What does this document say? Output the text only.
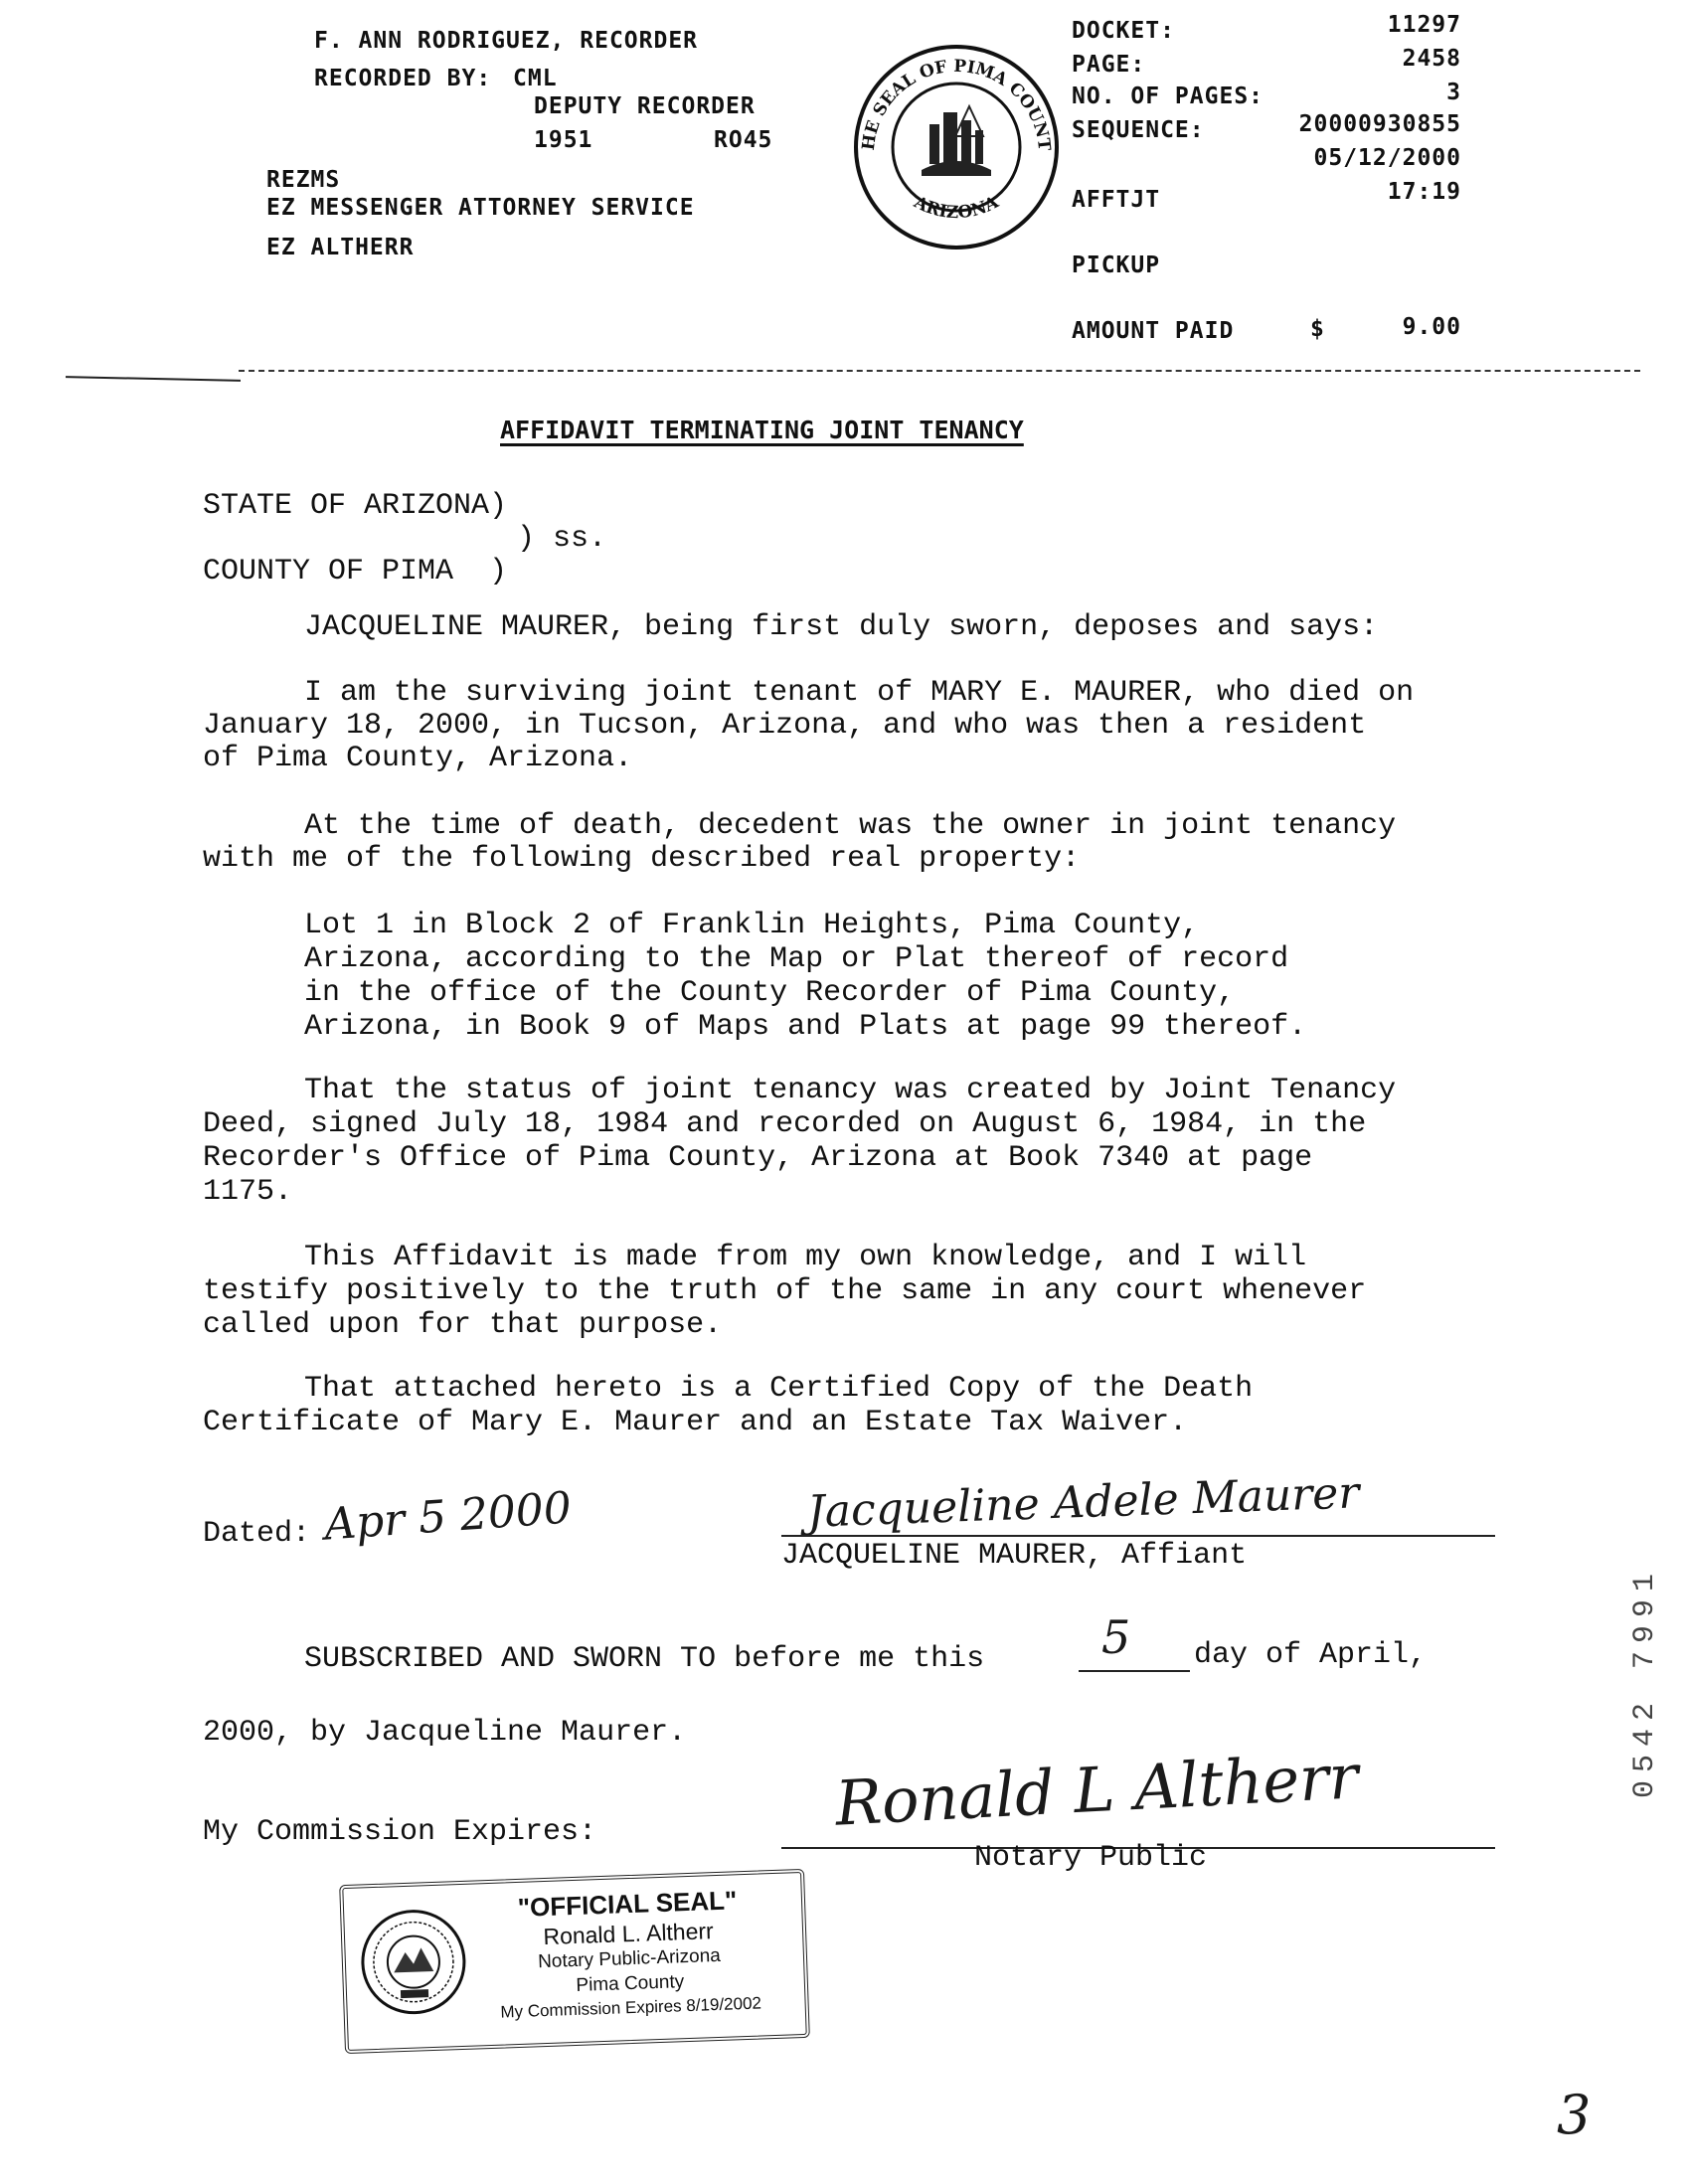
F. ANN RODRIGUEZ, RECORDER
RECORDED BY: CML
DEPUTY RECORDER
1951	RO45
REZMS
EZ MESSENGER ATTORNEY SERVICE
EZ ALTHERR

HE SEAL OF PIMA COUNT
ARIZONA

DOCKET:	11297
PAGE:	2458
NO. OF PAGES:	3
SEQUENCE:	20000930855
05/12/2000
AFFTJT	17:19
PICKUP
AMOUNT PAID	$	9.00
AFFIDAVIT TERMINATING JOINT TENANCY
STATE OF ARIZONA)
) ss.
COUNTY OF PIMA  )
JACQUELINE MAURER, being first duly sworn, deposes and says:
I am the surviving joint tenant of MARY E. MAURER, who died on
January 18, 2000, in Tucson, Arizona, and who was then a resident
of Pima County, Arizona.
At the time of death, decedent was the owner in joint tenancy
with me of the following described real property:
Lot 1 in Block 2 of Franklin Heights, Pima County,
Arizona, according to the Map or Plat thereof of record
in the office of the County Recorder of Pima County,
Arizona, in Book 9 of Maps and Plats at page 99 thereof.
That the status of joint tenancy was created by Joint Tenancy
Deed, signed July 18, 1984 and recorded on August 6, 1984, in the
Recorder's Office of Pima County, Arizona at Book 7340 at page
1175.
This Affidavit is made from my own knowledge, and I will
testify positively to the truth of the same in any court whenever
called upon for that purpose.
That attached hereto is a Certified Copy of the Death
Certificate of Mary E. Maurer and an Estate Tax Waiver.
Dated: Apr 5 2000	Jacqueline Adele Maurer
JACQUELINE MAURER, Affiant
SUBSCRIBED AND SWORN TO before me this	5 day of April,
2000, by Jacqueline Maurer.
My Commission Expires:	Ronald L Altherr
Notary Public
"OFFICIAL SEAL"
Ronald L. Altherr
Notary Public-Arizona
Pima County
My Commission Expires 8/19/2002
0542 7991
3
